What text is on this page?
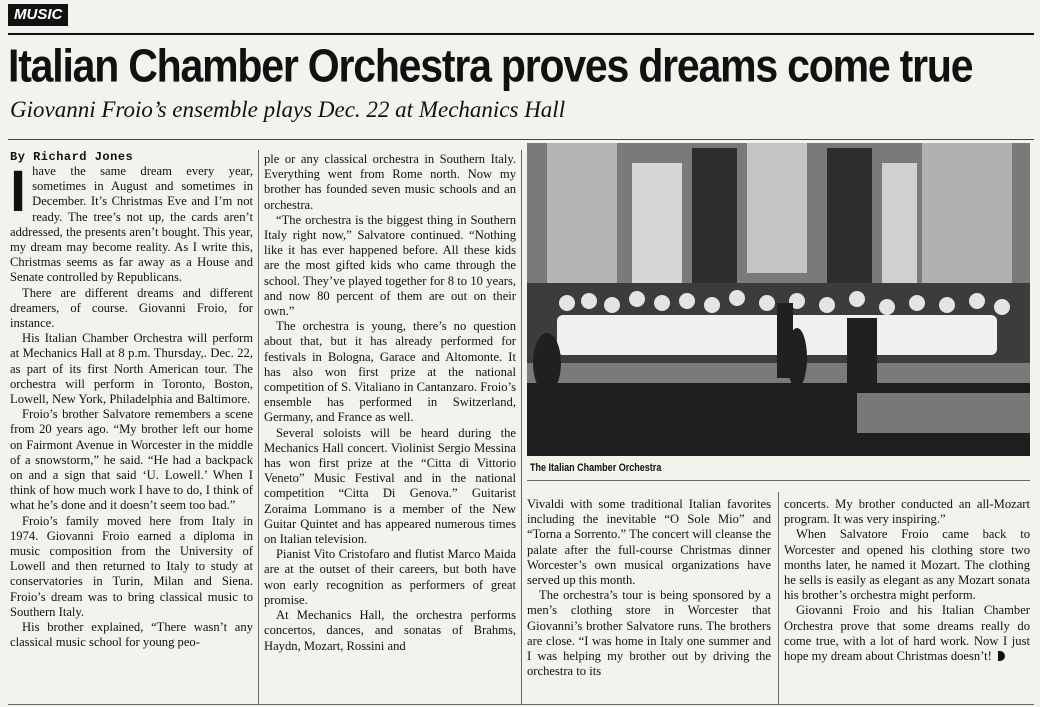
MUSIC
Italian Chamber Orchestra proves dreams come true
Giovanni Froio’s ensemble plays Dec. 22 at Mechanics Hall
By Richard Jones

Ihave the same dream every year, sometimes in August and sometimes in December. It’s Christmas Eve and I’m not ready. The tree’s not up, the cards aren’t addressed, the presents aren’t bought. This year, my dream may become reality. As I write this, Christmas seems as far away as a House and Senate controlled by Republicans.

There are different dreams and different dreamers, of course. Giovanni Froio, for instance.

His Italian Chamber Orchestra will perform at Mechanics Hall at 8 p.m. Thursday,. Dec. 22, as part of its first North American tour. The orchestra will perform in Toronto, Boston, Lowell, New York, Philadelphia and Baltimore.

Froio’s brother Salvatore remembers a scene from 20 years ago. “My brother left our home on Fairmont Avenue in Worcester in the middle of a snowstorm,” he said. “He had a backpack on and a sign that said ‘U. Lowell.’ When I think of how much work I have to do, I think of what he’s done and it doesn’t seem too bad.”

Froio’s family moved here from Italy in 1974. Giovanni Froio earned a diploma in music composition from the University of Lowell and then returned to Italy to study at conservatories in Turin, Milan and Siena. Froio’s dream was to bring classical music to Southern Italy.

His brother explained, “There wasn’t any classical music school for young peo-

ple or any classical orchestra in Southern Italy. Everything went from Rome north. Now my brother has founded seven music schools and an orchestra.

“The orchestra is the biggest thing in Southern Italy right now,” Salvatore continued. “Nothing like it has ever happened before. All these kids are the most gifted kids who came through the school. They’ve played together for 8 to 10 years, and now 80 percent of them are out on their own.”

The orchestra is young, there’s no question about that, but it has already performed for festivals in Bologna, Garace and Altomonte. It has also won first prize at the national competition of S. Vitaliano in Cantanzaro. Froio’s ensemble has performed in Switzerland, Germany, and France as well.

Several soloists will be heard during the Mechanics Hall concert. Violinist Sergio Messina has won first prize at the “Citta di Vittorio Veneto” Music Festival and in the national competition “Citta Di Genova.” Guitarist Zoraima Lommano is a member of the New Guitar Quintet and has appeared numerous times on Italian television.

Pianist Vito Cristofaro and flutist Marco Maida are at the outset of their careers, but both have won early recognition as performers of great promise.

At Mechanics Hall, the orchestra performs concertos, dances, and sonatas of Brahms, Haydn, Mozart, Rossini and

The Italian Chamber Orchestra

Vivaldi with some traditional Italian favorites including the inevitable “O Sole Mio” and “Torna a Sorrento.” The concert will cleanse the palate after the full-course Christmas dinner Worcester’s own musical organizations have served up this month.

The orchestra’s tour is being sponsored by a men’s clothing store in Worcester that Giovanni’s brother Salvatore runs. The brothers are close. “I was home in Italy one summer and I was helping my brother out by driving the orchestra to its

concerts. My brother conducted an all-Mozart program. It was very inspiring.”

When Salvatore Froio came back to Worcester and opened his clothing store two months later, he named it Mozart. The clothing he sells is easily as elegant as any Mozart sonata his brother’s orchestra might perform.

Giovanni Froio and his Italian Chamber Orchestra prove that some dreams really do come true, with a lot of hard work. Now I just hope my dream about Christmas doesn’t!
